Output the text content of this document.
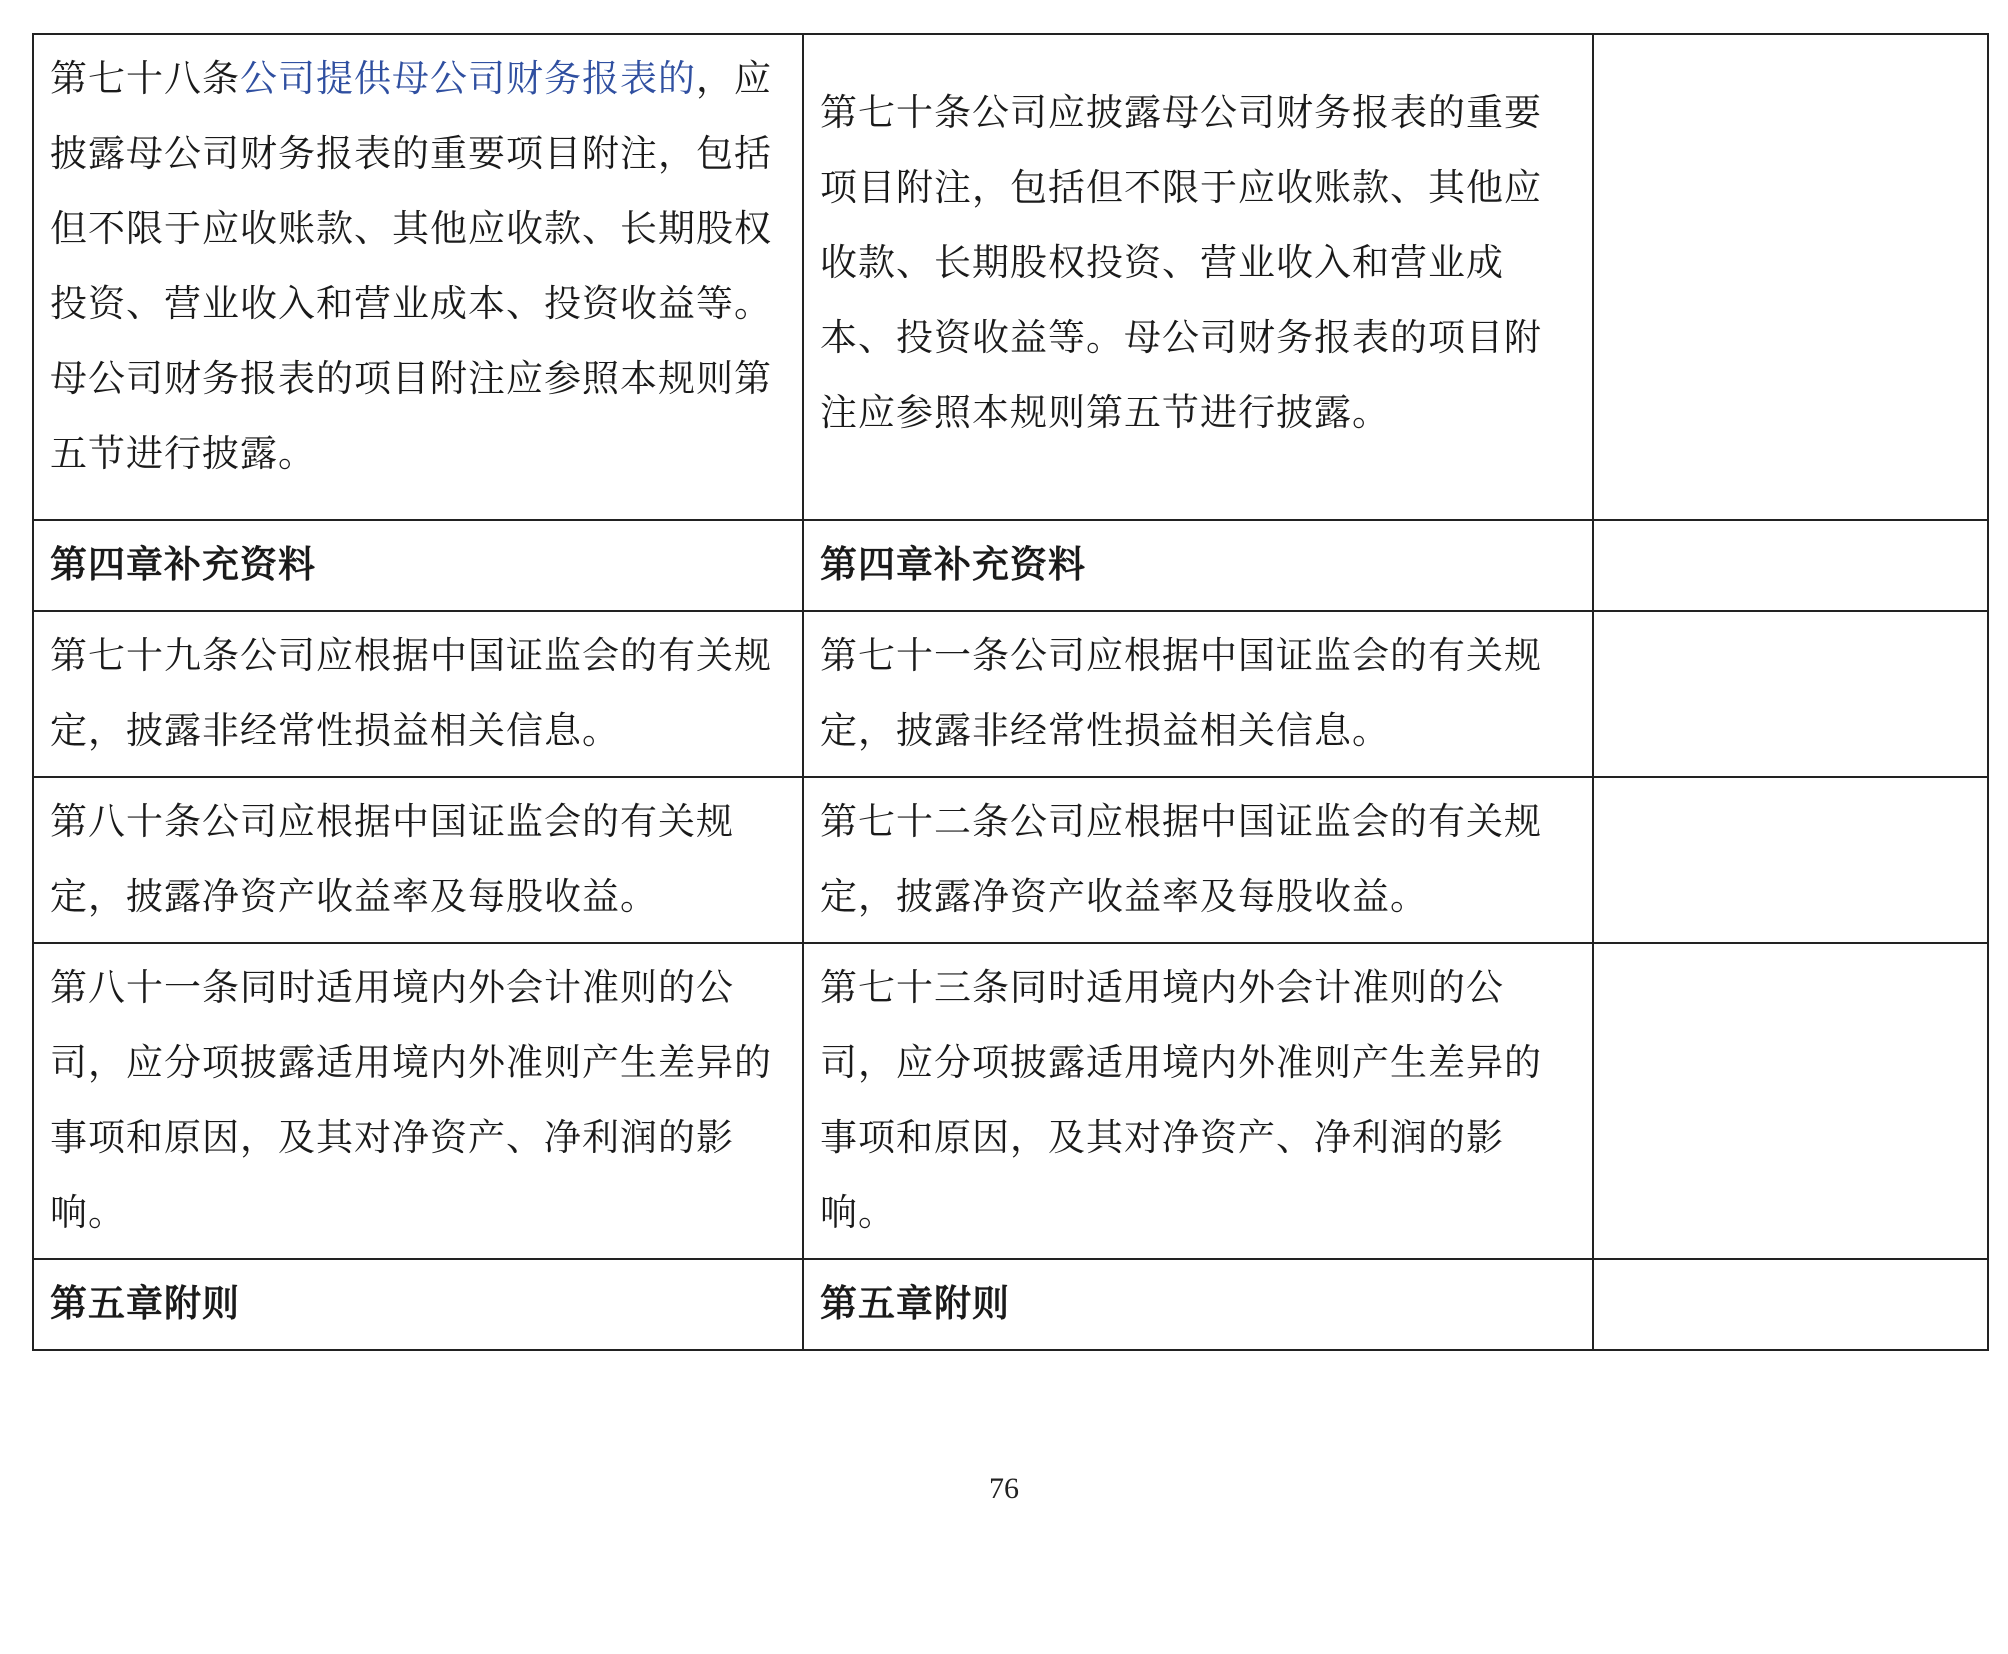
第七十八条公司提供母公司财务报表的，应披露母公司财务报表的重要项目附注，包括但不限于应收账款、其他应收款、长期股权投资、营业收入和营业成本、投资收益等。母公司财务报表的项目附注应参照本规则第五节进行披露。	第七十条公司应披露母公司财务报表的重要项目附注，包括但不限于应收账款、其他应收款、长期股权投资、营业收入和营业成本、投资收益等。母公司财务报表的项目附注应参照本规则第五节进行披露。	
第四章补充资料	第四章补充资料	
第七十九条公司应根据中国证监会的有关规定，披露非经常性损益相关信息。	第七十一条公司应根据中国证监会的有关规定，披露非经常性损益相关信息。	
第八十条公司应根据中国证监会的有关规定，披露净资产收益率及每股收益。	第七十二条公司应根据中国证监会的有关规定，披露净资产收益率及每股收益。	
第八十一条同时适用境内外会计准则的公司，应分项披露适用境内外准则产生差异的事项和原因，及其对净资产、净利润的影响。	第七十三条同时适用境内外会计准则的公司，应分项披露适用境内外准则产生差异的事项和原因，及其对净资产、净利润的影响。	
第五章附则	第五章附则	
76
